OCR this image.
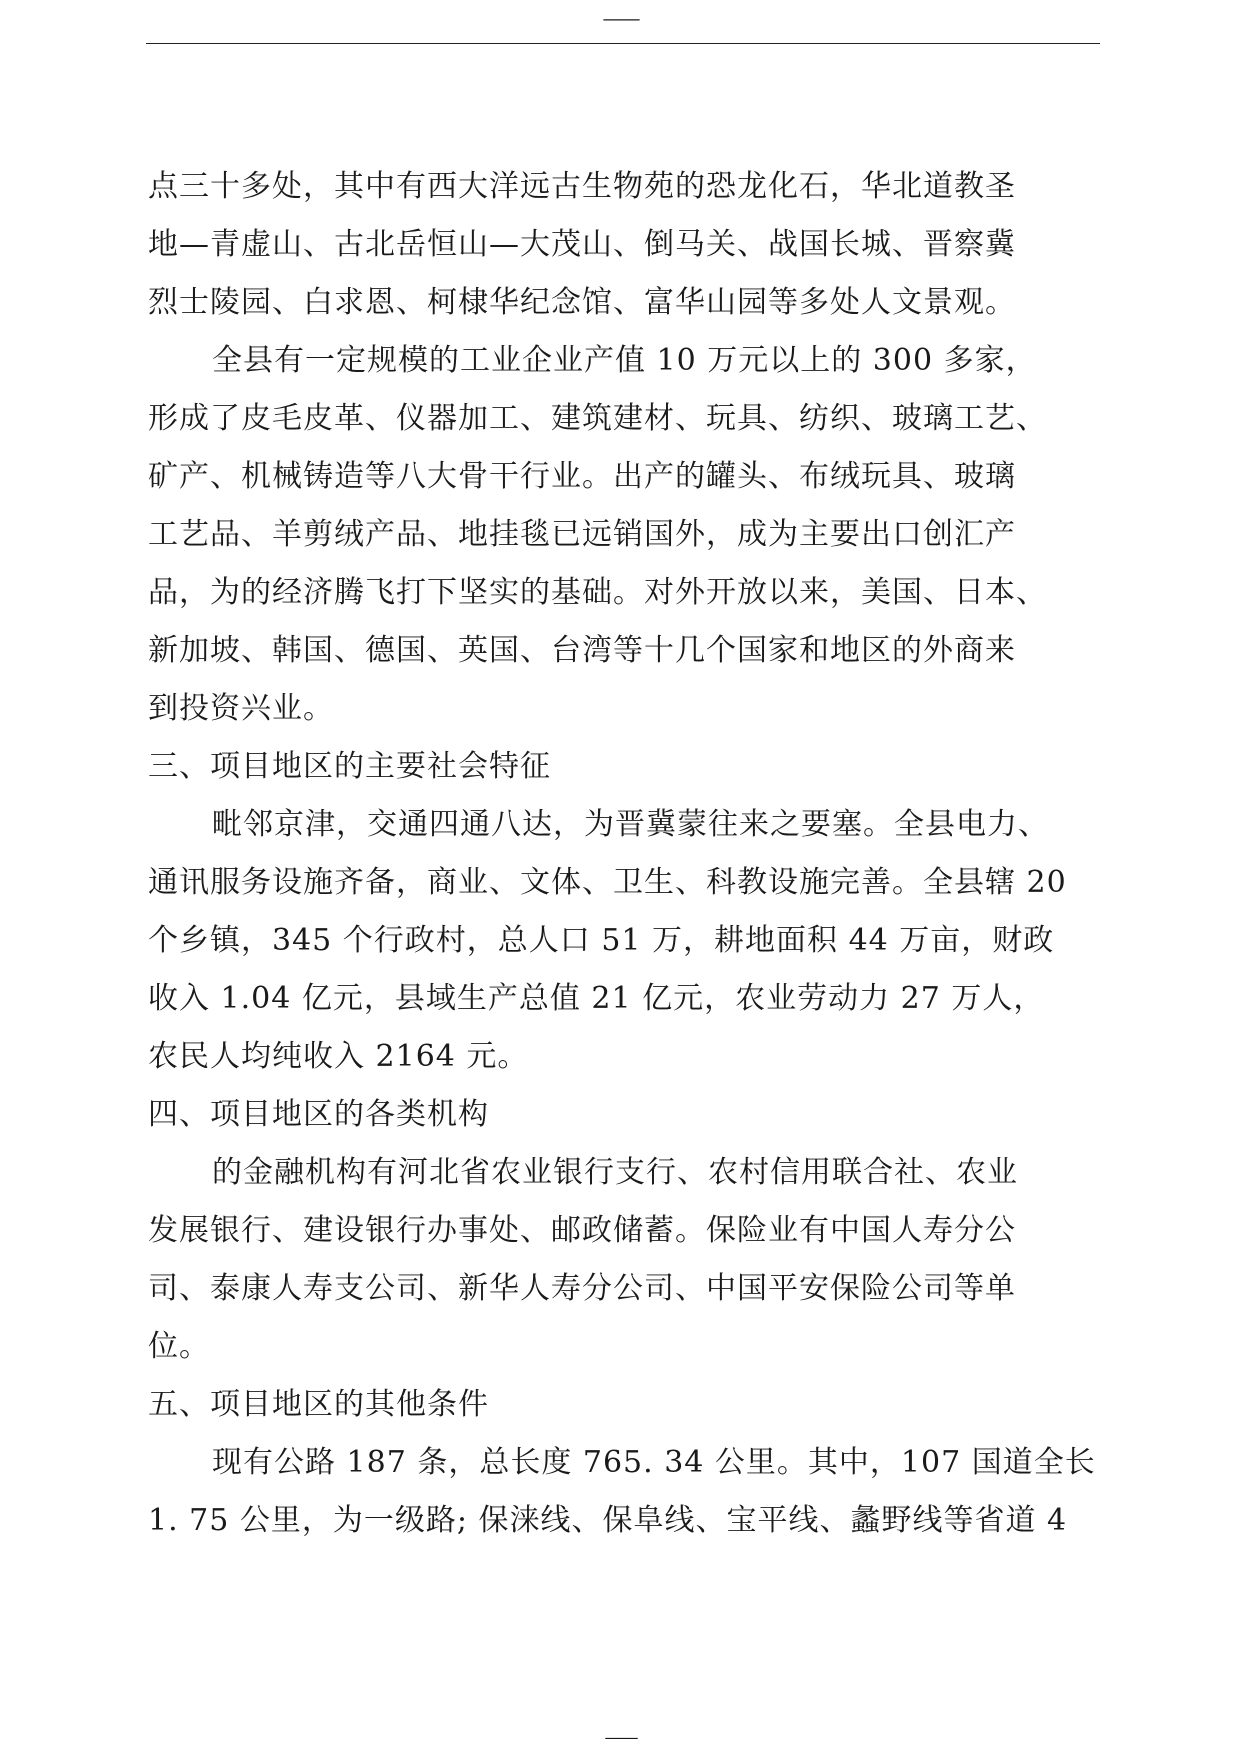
——
点三十多处，其中有西大洋远古生物苑的恐龙化石，华北道教圣
地—青虚山、古北岳恒山—大茂山、倒马关、战国长城、晋察冀
烈士陵园、白求恩、柯棣华纪念馆、富华山园等多处人文景观。
全县有一定规模的工业企业产值 10 万元以上的 300 多家，
形成了皮毛皮革、仪器加工、建筑建材、玩具、纺织、玻璃工艺、
矿产、机械铸造等八大骨干行业。出产的罐头、布绒玩具、玻璃
工艺品、羊剪绒产品、地挂毯已远销国外，成为主要出口创汇产
品，为的经济腾飞打下坚实的基础。对外开放以来，美国、日本、
新加坡、韩国、德国、英国、台湾等十几个国家和地区的外商来
到投资兴业。
三、项目地区的主要社会特征
毗邻京津，交通四通八达，为晋冀蒙往来之要塞。全县电力、
通讯服务设施齐备，商业、文体、卫生、科教设施完善。全县辖 20
个乡镇，345 个行政村，总人口 51 万，耕地面积 44 万亩，财政
收入 1.04 亿元，县域生产总值 21 亿元，农业劳动力 27 万人，
农民人均纯收入 2164 元。
四、项目地区的各类机构
的金融机构有河北省农业银行支行、农村信用联合社、农业
发展银行、建设银行办事处、邮政储蓄。保险业有中国人寿分公
司、泰康人寿支公司、新华人寿分公司、中国平安保险公司等单
位。
五、项目地区的其他条件
现有公路 187 条，总长度 765. 34 公里。其中，107 国道全长
1. 75 公里，为一级路; 保涞线、保阜线、宝平线、蠡野线等省道 4
——
